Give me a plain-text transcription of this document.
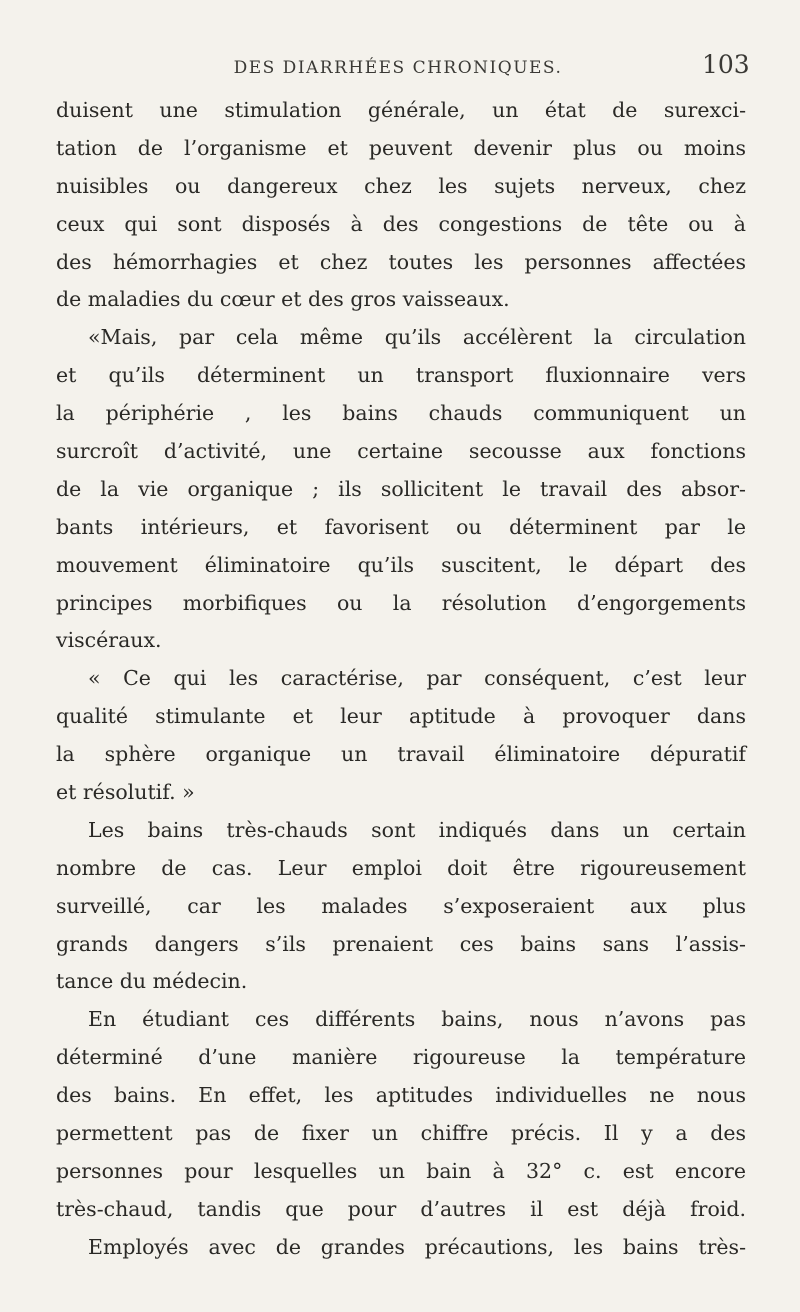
DES DIARRHÉES CHRONIQUES.	103
duisent une stimulation générale, un état de surexci-
tation de l’organisme et peuvent devenir plus ou moins
nuisibles ou dangereux chez les sujets nerveux, chez
ceux qui sont disposés à des congestions de tête ou à
des hémorrhagies et chez toutes les personnes affectées
de maladies du cœur et des gros vaisseaux.
«Mais, par cela même qu’ils accélèrent la circulation
et qu’ils déterminent un transport fluxionnaire vers
la périphérie , les bains chauds communiquent un
surcroît d’activité, une certaine secousse aux fonctions
de la vie organique ; ils sollicitent le travail des absor-
bants intérieurs, et favorisent ou déterminent par le
mouvement éliminatoire qu’ils suscitent, le départ des
principes morbifiques ou la résolution d’engorgements
viscéraux.
« Ce qui les caractérise, par conséquent, c’est leur
qualité stimulante et leur aptitude à provoquer dans
la sphère organique un travail éliminatoire dépuratif
et résolutif. »
Les bains très-chauds sont indiqués dans un certain
nombre de cas. Leur emploi doit être rigoureusement
surveillé, car les malades s’exposeraient aux plus
grands dangers s’ils prenaient ces bains sans l’assis-
tance du médecin.
En étudiant ces différents bains, nous n’avons pas
déterminé d’une manière rigoureuse la température
des bains. En effet, les aptitudes individuelles ne nous
permettent pas de fixer un chiffre précis. Il y a des
personnes pour lesquelles un bain à 32° c. est encore
très-chaud, tandis que pour d’autres il est déjà froid.
Employés avec de grandes précautions, les bains très-
